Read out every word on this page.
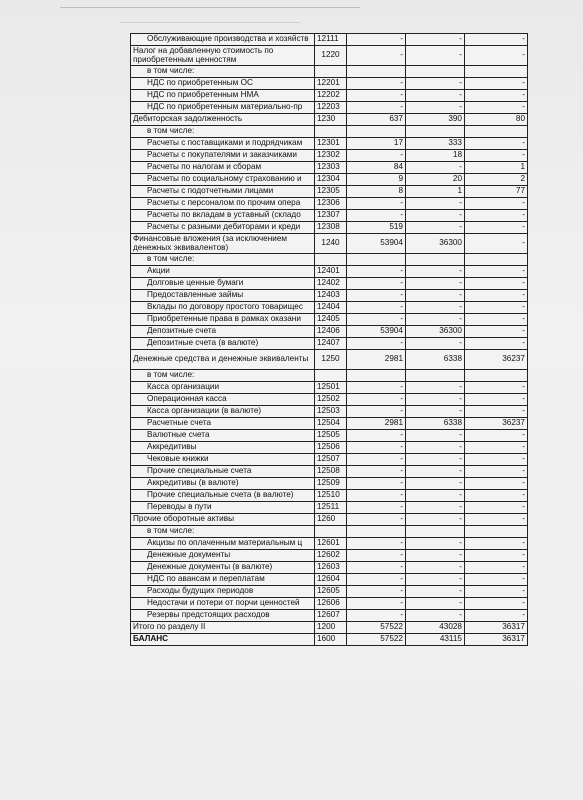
Обслуживающие производства и хозяйств	12111	-	-	-
Налог на добавленную стоимость по приобретенным ценностям	1220	-	-	-
в том числе:				
НДС по приобретенным ОС	12201	-	-	-
НДС по приобретенным НМА	12202	-	-	-
НДС по приобретенным материально-пр	12203	-	-	-
Дебиторская задолженность	1230	637	390	80
в том числе:				
Расчеты с поставщиками и подрядчикам	12301	17	333	-
Расчеты с покупателями и заказчиками	12302	-	18	-
Расчеты по налогам и сборам	12303	84	-	1
Расчеты по социальному страхованию и	12304	9	20	2
Расчеты с подотчетными лицами	12305	8	1	77
Расчеты с персоналом по прочим опера	12306	-	-	-
Расчеты по вкладам в уставный (складо	12307	-	-	-
Расчеты с разными дебиторами и креди	12308	519	-	-
Финансовые вложения (за исключением денежных эквивалентов)	1240	53904	36300	-
в том числе:				
Акции	12401	-	-	-
Долговые ценные бумаги	12402	-	-	-
Предоставленные займы	12403	-	-	-
Вклады по договору простого товарищес	12404	-	-	-
Приобретенные права в рамках оказани	12405	-	-	-
Депозитные счета	12406	53904	36300	-
Депозитные счета (в валюте)	12407	-	-	-
Денежные средства и денежные эквиваленты	1250	2981	6338	36237
в том числе:				
Касса организации	12501	-	-	-
Операционная касса	12502	-	-	-
Касса организации (в валюте)	12503	-	-	-
Расчетные счета	12504	2981	6338	36237
Валютные счета	12505	-	-	-
Аккредитивы	12506	-	-	-
Чековые книжки	12507	-	-	-
Прочие специальные счета	12508	-	-	-
Аккредитивы (в валюте)	12509	-	-	-
Прочие специальные счета (в валюте)	12510	-	-	-
Переводы в пути	12511	-	-	-
Прочие оборотные активы	1260	-	-	-
в том числе:				
Акцизы по оплаченным материальным ц	12601	-	-	-
Денежные документы	12602	-	-	-
Денежные документы (в валюте)	12603	-	-	-
НДС по авансам и переплатам	12604	-	-	-
Расходы будущих периодов	12605	-	-	-
Недостачи и потери от порчи ценностей	12606	-	-	-
Резервы предстоящих расходов	12607	-	-	-
Итого по разделу II	1200	57522	43028	36317
БАЛАНС	1600	57522	43115	36317
